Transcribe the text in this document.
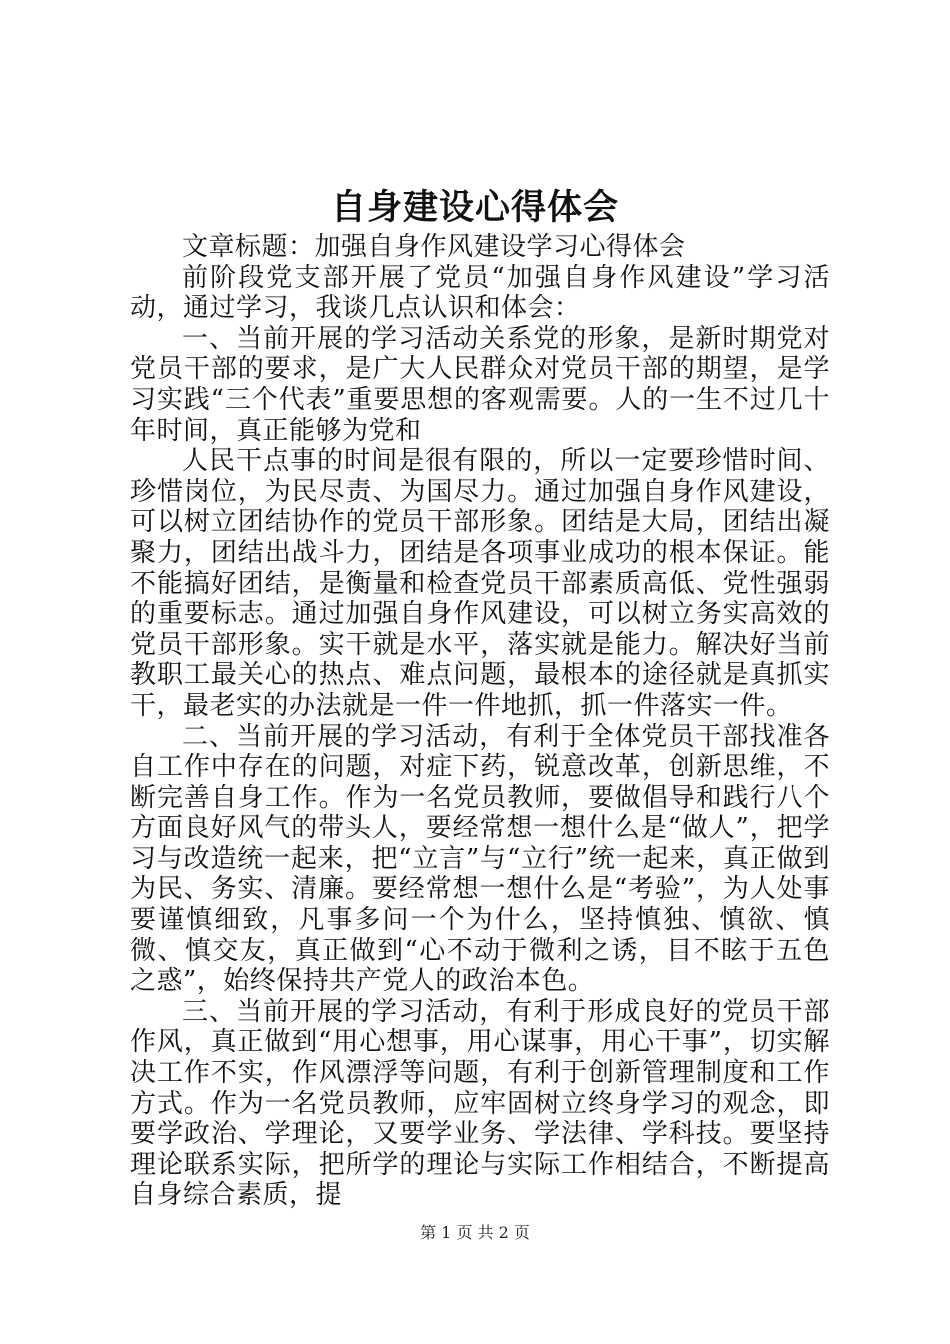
自身建设心得体会

文章标题：加强自身作风建设学习心得体会

前阶段党支部开展了党员“加强自身作风建设”学习活动，通过学习，我谈几点认识和体会：

一、当前开展的学习活动关系党的形象，是新时期党对党员干部的要求，是广大人民群众对党员干部的期望，是学习实践“三个代表”重要思想的客观需要。人的一生不过几十年时间，真正能够为党和

人民干点事的时间是很有限的，所以一定要珍惜时间、珍惜岗位，为民尽责、为国尽力。通过加强自身作风建设，可以树立团结协作的党员干部形象。团结是大局，团结出凝聚力，团结出战斗力，团结是各项事业成功的根本保证。能不能搞好团结，是衡量和检查党员干部素质高低、党性强弱的重要标志。通过加强自身作风建设，可以树立务实高效的党员干部形象。实干就是水平，落实就是能力。解决好当前教职工最关心的热点、难点问题，最根本的途径就是真抓实干，最老实的办法就是一件一件地抓，抓一件落实一件。

二、当前开展的学习活动，有利于全体党员干部找准各自工作中存在的问题，对症下药，锐意改革，创新思维，不断完善自身工作。作为一名党员教师，要做倡导和践行八个方面良好风气的带头人，要经常想一想什么是“做人”，把学习与改造统一起来，把“立言”与“立行”统一起来，真正做到为民、务实、清廉。要经常想一想什么是“考验”，为人处事要谨慎细致，凡事多问一个为什么，坚持慎独、慎欲、慎微、慎交友，真正做到“心不动于微利之诱，目不眩于五色之惑”，始终保持共产党人的政治本色。

三、当前开展的学习活动，有利于形成良好的党员干部作风，真正做到“用心想事，用心谋事，用心干事”，切实解决工作不实，作风漂浮等问题，有利于创新管理制度和工作方式。作为一名党员教师，应牢固树立终身学习的观念，即要学政治、学理论，又要学业务、学法律、学科技。要坚持理论联系实际，把所学的理论与实际工作相结合，不断提高自身综合素质，提

第 1 页 共 2 页
